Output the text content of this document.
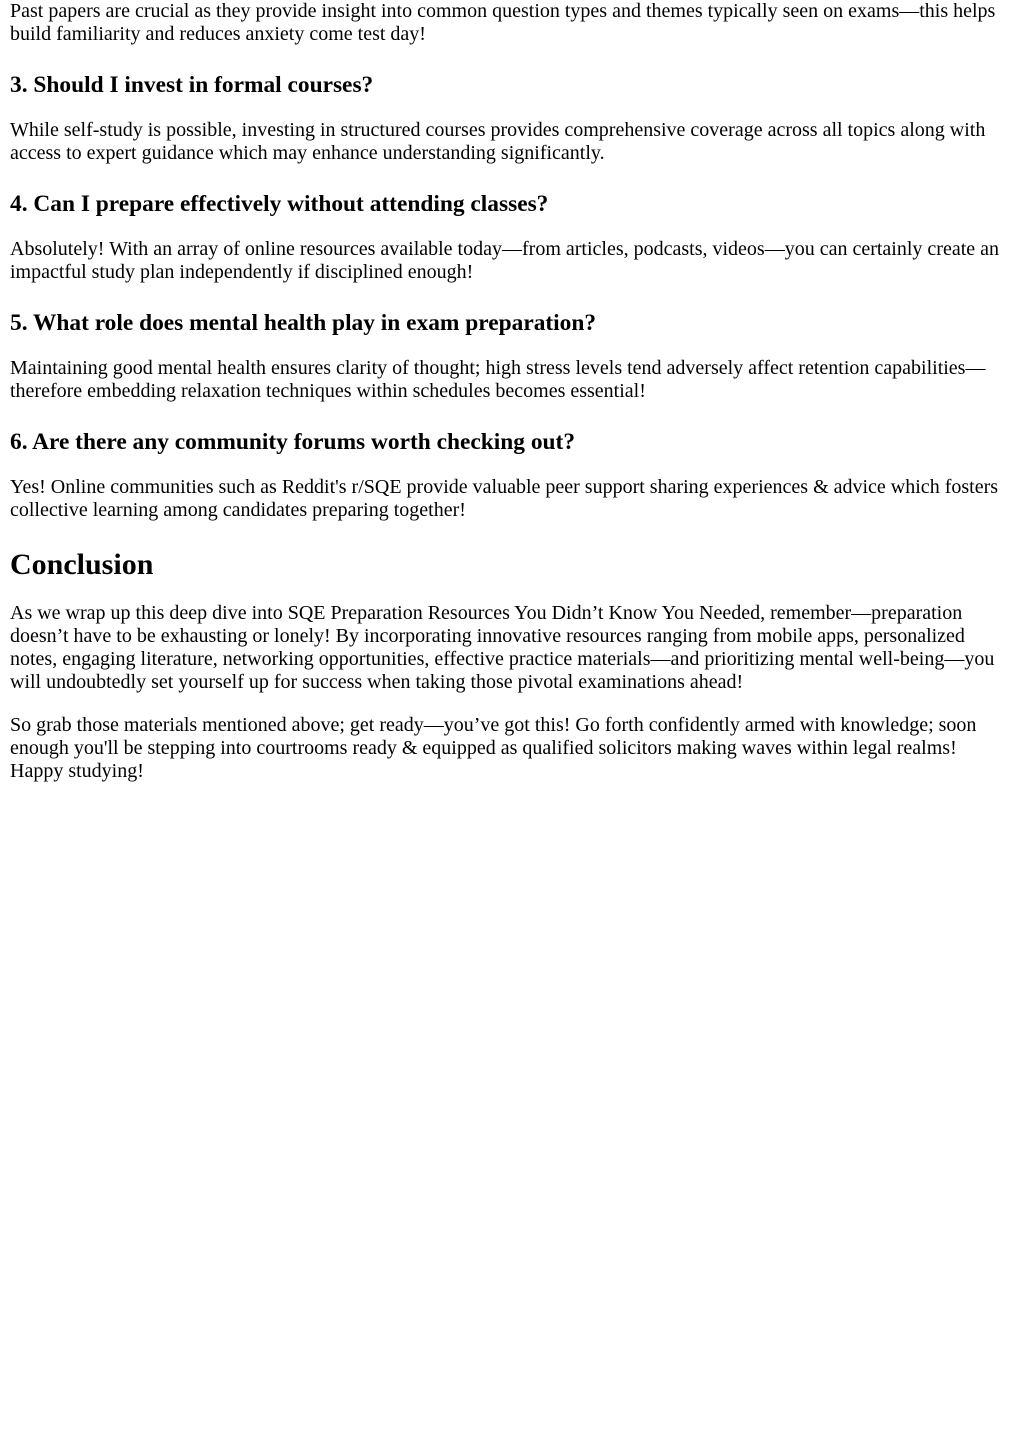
Past papers are crucial as they provide insight into common question types and themes typically seen on exams—this helps build familiarity and reduces anxiety come test day!

3. Should I invest in formal courses?

While self-study is possible, investing in structured courses provides comprehensive coverage across all topics along with access to expert guidance which may enhance understanding significantly.

4. Can I prepare effectively without attending classes?

Absolutely! With an array of online resources available today—from articles, podcasts, videos—you can certainly create an impactful study plan independently if disciplined enough!

5. What role does mental health play in exam preparation?

Maintaining good mental health ensures clarity of thought; high stress levels tend adversely affect retention capabilities—therefore embedding relaxation techniques within schedules becomes essential!

6. Are there any community forums worth checking out?

Yes! Online communities such as Reddit's r/SQE provide valuable peer support sharing experiences & advice which fosters collective learning among candidates preparing together!

Conclusion

As we wrap up this deep dive into SQE Preparation Resources You Didn’t Know You Needed, remember—preparation doesn’t have to be exhausting or lonely! By incorporating innovative resources ranging from mobile apps, personalized notes, engaging literature, networking opportunities, effective practice materials—and prioritizing mental well-being—you will undoubtedly set yourself up for success when taking those pivotal examinations ahead!

So grab those materials mentioned above; get ready—you’ve got this! Go forth confidently armed with knowledge; soon enough you'll be stepping into courtrooms ready & equipped as qualified solicitors making waves within legal realms! Happy studying!
